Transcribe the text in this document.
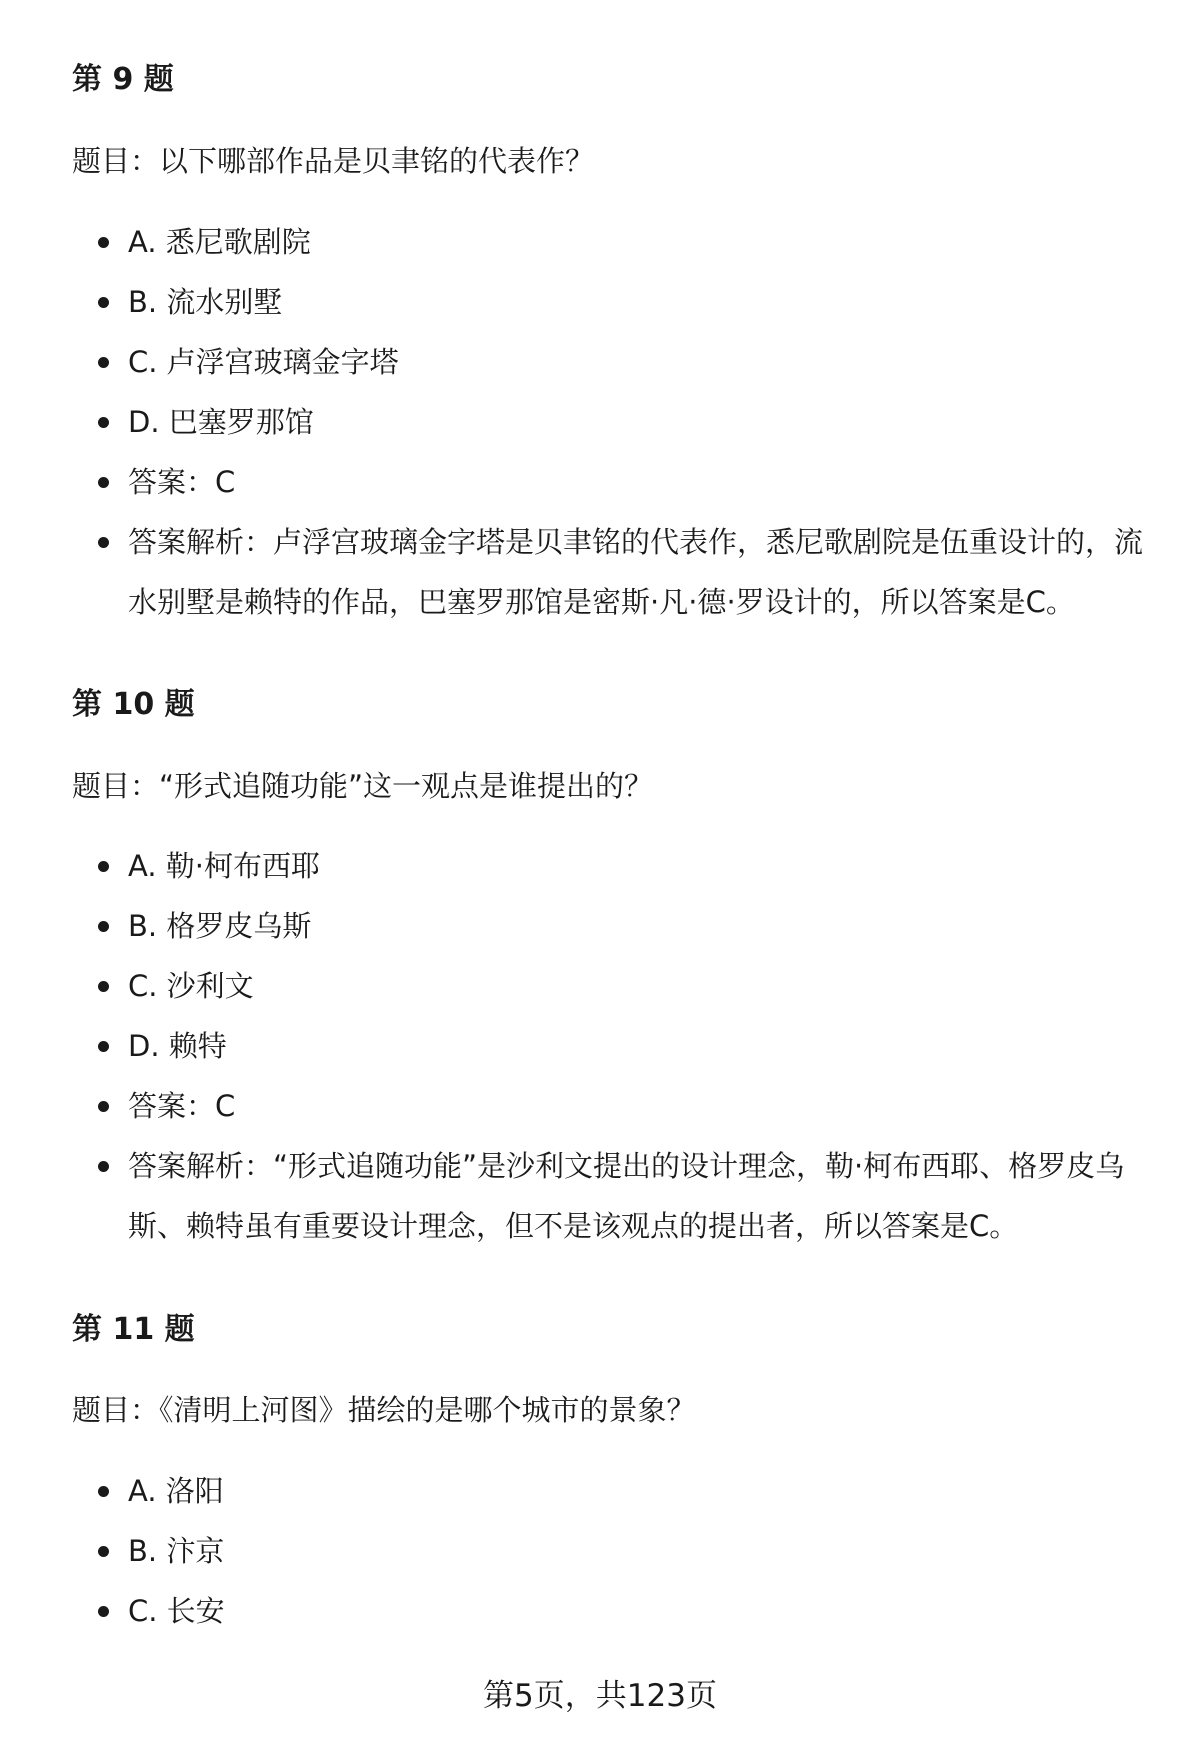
第 9 题

题目：以下哪部作品是贝聿铭的代表作？

A. 悉尼歌剧院
B. 流水别墅
C. 卢浮宫玻璃金字塔
D. 巴塞罗那馆
答案：C
答案解析：卢浮宫玻璃金字塔是贝聿铭的代表作，悉尼歌剧院是伍重设计的，流水别墅是赖特的作品，巴塞罗那馆是密斯·凡·德·罗设计的，所以答案是C。
第 10 题

题目：“形式追随功能”这一观点是谁提出的？

A. 勒·柯布西耶
B. 格罗皮乌斯
C. 沙利文
D. 赖特
答案：C
答案解析：“形式追随功能”是沙利文提出的设计理念，勒·柯布西耶、格罗皮乌斯、赖特虽有重要设计理念，但不是该观点的提出者，所以答案是C。
第 11 题

题目：《清明上河图》描绘的是哪个城市的景象？

A. 洛阳
B. 汴京
C. 长安
第5页，共123页
